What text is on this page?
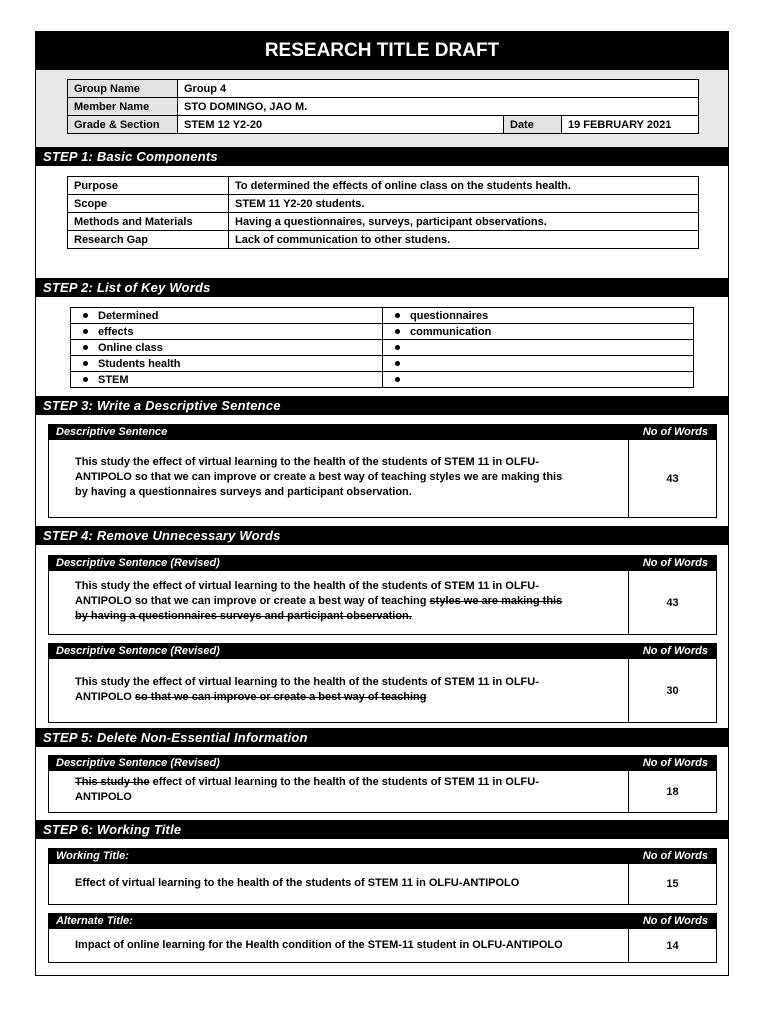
RESEARCH TITLE DRAFT
Group Name	Group 4		
Member Name	STO DOMINGO, JAO M.		
Grade & Section	STEM 12 Y2-20	Date	19 FEBRUARY 2021
STEP 1: Basic Components
Purpose	To determined the effects of online class on the students health.
Scope	STEM 11 Y2-20 students.
Methods and Materials	Having a questionnaires, surveys, participant observations.
Research Gap	Lack of communication to other studens.
STEP 2: List of Key Words
Determined	questionnaires
effects	communication
Online class	
Students health	
STEM	
STEP 3: Write a Descriptive Sentence
Descriptive Sentence	No of Words
This study the effect of virtual learning to the health of the students of STEM 11 in OLFU-
ANTIPOLO so that we can improve or create a best way of teaching styles we are making this
by having a questionnaires surveys and participant observation.
43
STEP 4: Remove Unnecessary Words
Descriptive Sentence (Revised)	No of Words
This study the effect of virtual learning to the health of the students of STEM 11 in OLFU-
ANTIPOLO so that we can improve or create a best way of teaching styles we are making this
by having a questionnaires surveys and participant observation.
43
Descriptive Sentence (Revised)	No of Words
This study the effect of virtual learning to the health of the students of STEM 11 in OLFU-
ANTIPOLO so that we can improve or create a best way of teaching
30
STEP 5: Delete Non-Essential Information
Descriptive Sentence (Revised)	No of Words
This study the effect of virtual learning to the health of the students of STEM 11 in OLFU-
ANTIPOLO	18
STEP 6: Working Title
Working Title:	No of Words
Effect of virtual learning to the health of the students of STEM 11 in OLFU-ANTIPOLO	15
Alternate Title:	No of Words
Impact of online learning for the Health condition of the STEM-11 student in OLFU-ANTIPOLO	14
